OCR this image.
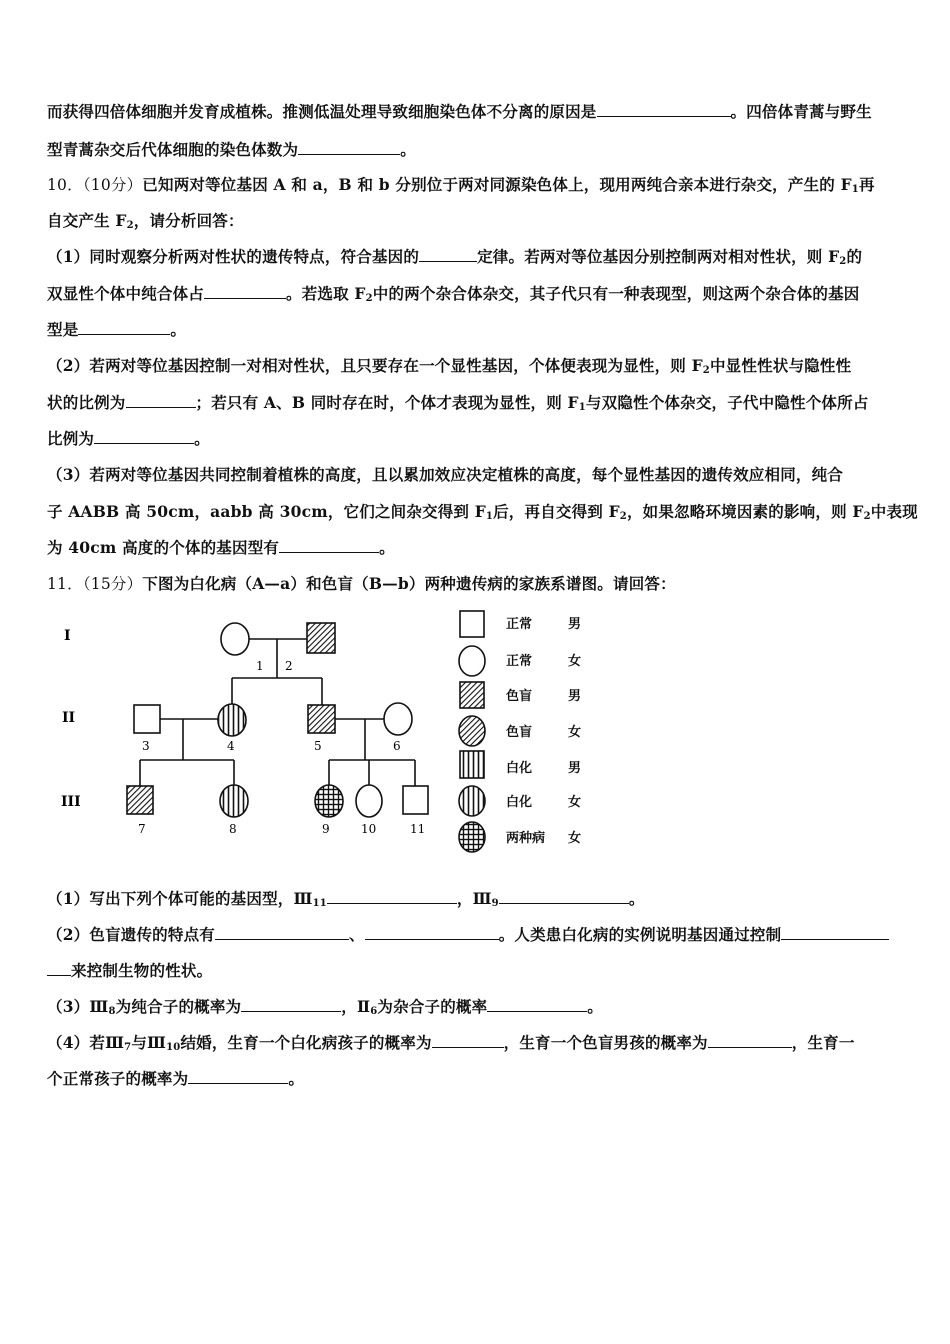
而获得四倍体细胞并发育成植株。推测低温处理导致细胞染色体不分离的原因是	。四倍体青蒿与野生
型青蒿杂交后代体细胞的染色体数为	。
10．（10分）已知两对等位基因 A 和 a，B 和 b 分别位于两对同源染色体上，现用两纯合亲本进行杂交，产生的 $F_1$再
自交产生 $F_2$，请分析回答：
（1）同时观察分析两对性状的遗传特点，符合基因的	定律。若两对等位基因分别控制两对相对性状，则 $F_2$的
双显性个体中纯合体占	。若选取 $F_2$中的两个杂合体杂交，其子代只有一种表现型，则这两个杂合体的基因
型是	。
（2）若两对等位基因控制一对相对性状，且只要存在一个显性基因，个体便表现为显性，则 $F_2$中显性性状与隐性性
状的比例为	；若只有 A、B 同时存在时，个体才表现为显性，则 $F_1$与双隐性个体杂交，子代中隐性个体所占
比例为	。
（3）若两对等位基因共同控制着植株的高度，且以累加效应决定植株的高度，每个显性基因的遗传效应相同，纯合
子 AABB 高 50cm，aabb 高 30cm，它们之间杂交得到 $F_1$后，再自交得到 $F_2$，如果忽略环境因素的影响，则 $F_2$中表现
为 40cm 高度的个体的基因型有	。
11．（15分）下图为白化病（A—a）和色盲（B—b）两种遗传病的家族系谱图。请回答：
I
II
III
1 2
3	4	5	6
7	8	9	10	11
正常	男
正常	女
色盲	男
色盲	女
白化	男
白化	女
两种病 女
（1）写出下列个体可能的基因型，$Ⅲ_{11}$	，$Ⅲ_9$	。
（2）色盲遗传的特点有	、	。人类患白化病的实例说明基因通过控制
来控制生物的性状。
$(3)Ⅲ_8$为纯合子的概率为	，$Ⅱ_6$为杂合子的概率	。
（4）若$Ⅲ_7$与$Ⅲ_{10}$结婚，生育一个白化病孩子的概率为	，生育一个色盲男孩的概率为	，生育一
个正常孩子的概率为	。
